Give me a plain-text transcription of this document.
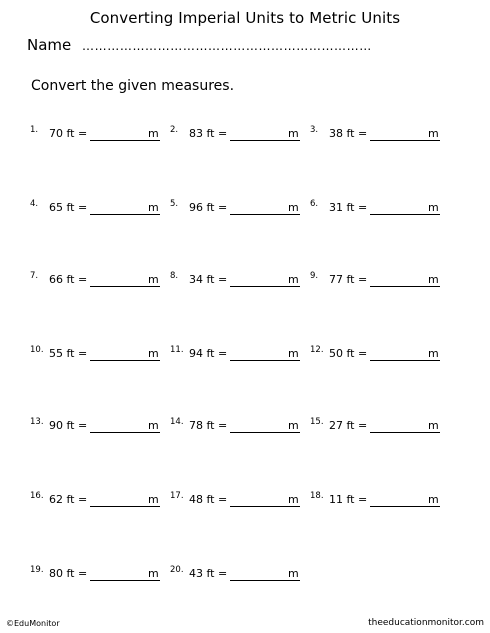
Converting Imperial Units to Metric Units
Name ……………………………………………………………
Convert the given measures.
1. 70 ft =	m 2. 83 ft =	m 3. 38 ft =	m
4. 65 ft =	m 5. 96 ft =	m 6. 31 ft =	m
7. 66 ft =	m 8. 34 ft =	m 9. 77 ft =	m
10. 55 ft =	m 11. 94 ft =	m 12. 50 ft =	m
13. 90 ft =	m 14. 78 ft =	m 15. 27 ft =	m
16. 62 ft =	m 17. 48 ft =	m 18. 11 ft =	m
19. 80 ft =	m 20. 43 ft =	m
©EduMonitor	theeducationmonitor.com
